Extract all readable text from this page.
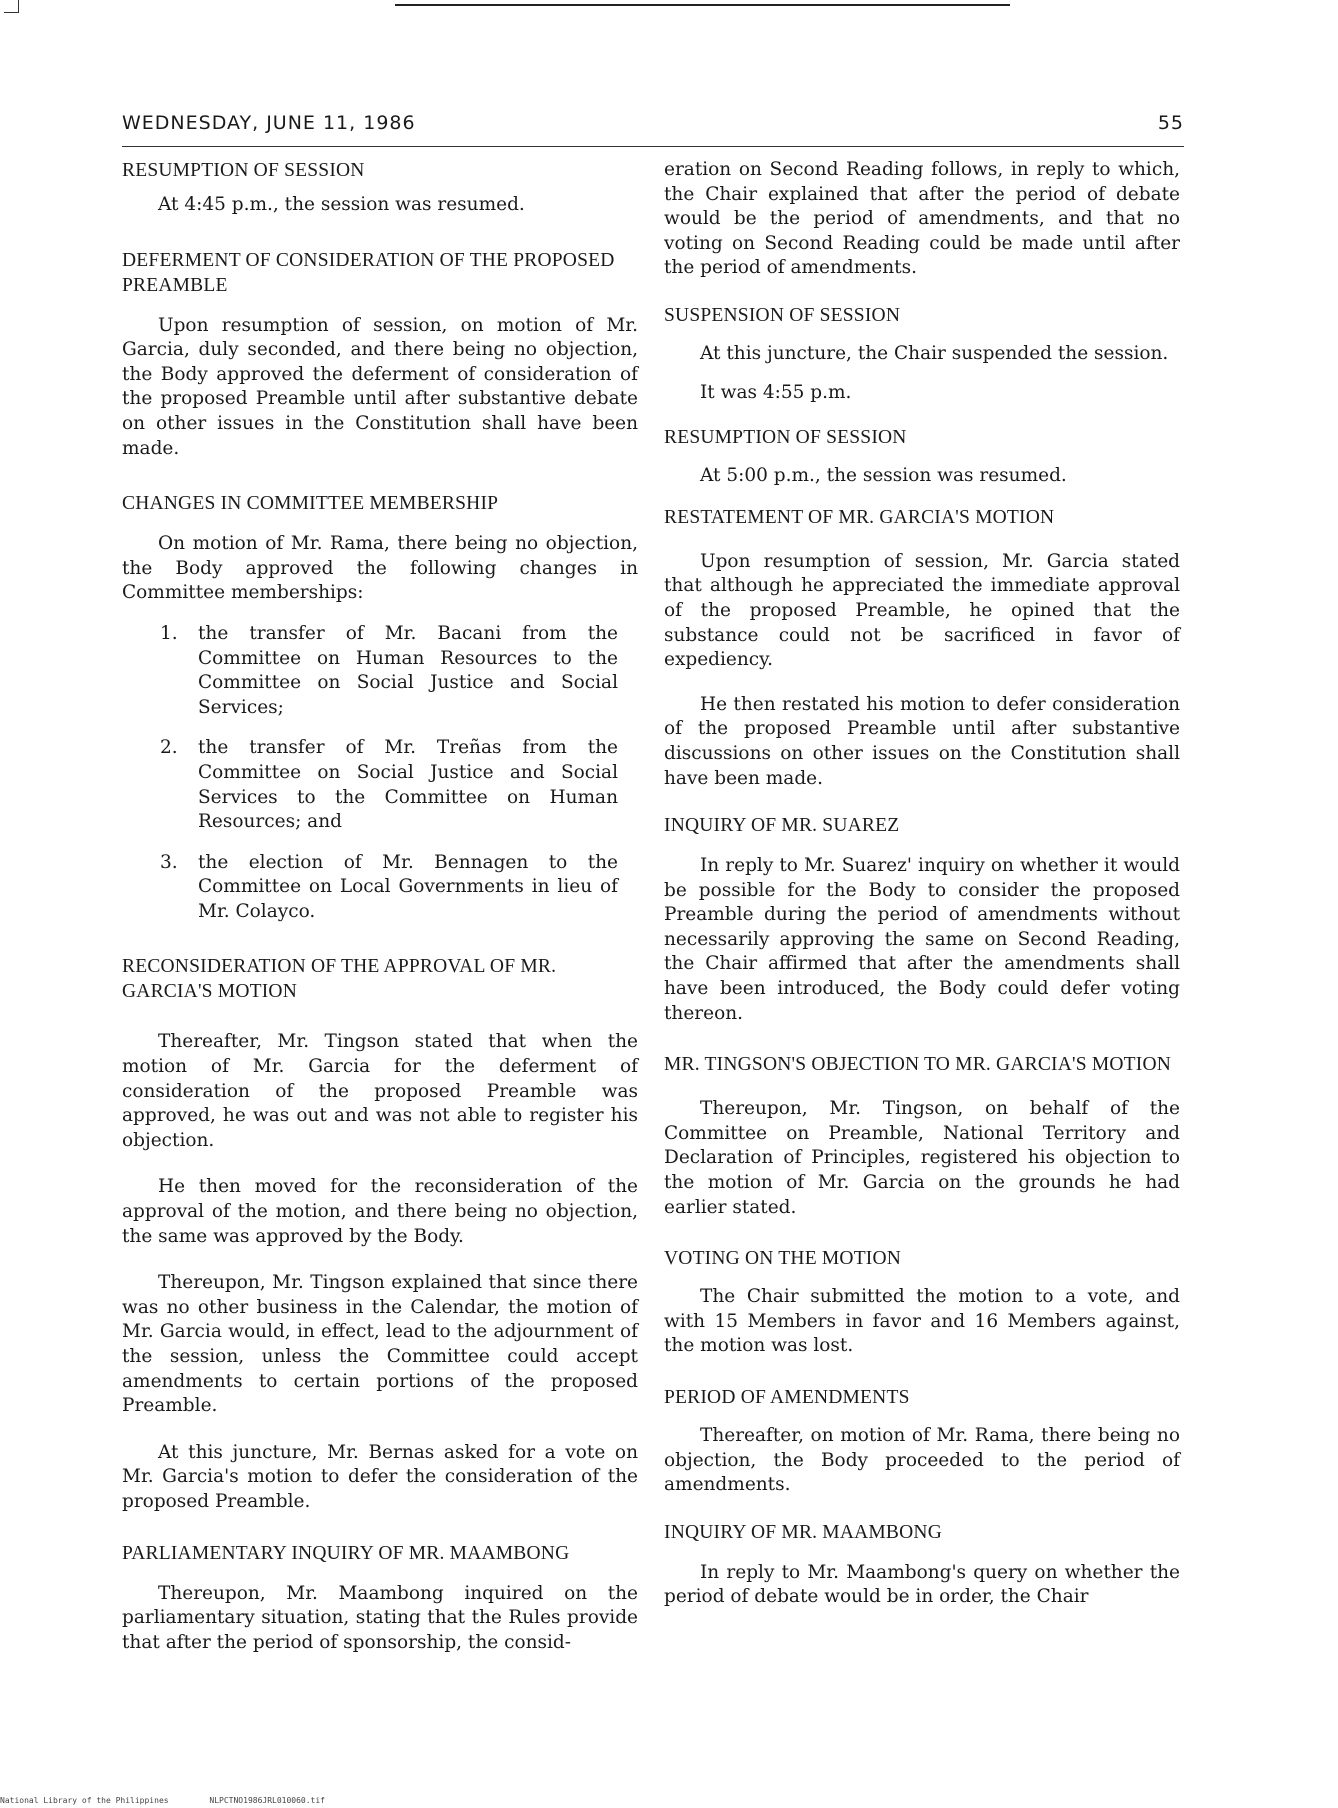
WEDNESDAY, JUNE 11, 1986	55
RESUMPTION OF SESSION

At 4:45 p.m., the session was resumed.

DEFERMENT OF CONSIDERATION OF THE PROPOSED PREAMBLE

Upon resumption of session, on motion of Mr. Garcia, duly seconded, and there being no objection, the Body approved the deferment of consideration of the proposed Preamble until after substantive debate on other issues in the Constitution shall have been made.

CHANGES IN COMMITTEE MEMBERSHIP

On motion of Mr. Rama, there being no objection, the Body approved the following changes in Committee memberships:

1. the transfer of Mr. Bacani from the Committee on Human Resources to the Committee on Social Justice and Social Services;
2. the transfer of Mr. Treñas from the Committee on Social Justice and Social Services to the Committee on Human Resources; and
3. the election of Mr. Bennagen to the Committee on Local Governments in lieu of Mr. Colayco.
RECONSIDERATION OF THE APPROVAL OF MR. GARCIA'S MOTION

Thereafter, Mr. Tingson stated that when the motion of Mr. Garcia for the deferment of consideration of the proposed Preamble was approved, he was out and was not able to register his objection.

He then moved for the reconsideration of the approval of the motion, and there being no objection, the same was approved by the Body.

Thereupon, Mr. Tingson explained that since there was no other business in the Calendar, the motion of Mr. Garcia would, in effect, lead to the adjournment of the session, unless the Committee could accept amendments to certain portions of the proposed Preamble.

At this juncture, Mr. Bernas asked for a vote on Mr. Garcia's motion to defer the consideration of the proposed Preamble.

PARLIAMENTARY INQUIRY OF MR. MAAMBONG

Thereupon, Mr. Maambong inquired on the parliamentary situation, stating that the Rules provide that after the period of sponsorship, the consid-

eration on Second Reading follows, in reply to which, the Chair explained that after the period of debate would be the period of amendments, and that no voting on Second Reading could be made until after the period of amendments.

SUSPENSION OF SESSION

At this juncture, the Chair suspended the session.

It was 4:55 p.m.

RESUMPTION OF SESSION

At 5:00 p.m., the session was resumed.

RESTATEMENT OF MR. GARCIA'S MOTION

Upon resumption of session, Mr. Garcia stated that although he appreciated the immediate approval of the proposed Preamble, he opined that the substance could not be sacrificed in favor of expediency.

He then restated his motion to defer consideration of the proposed Preamble until after substantive discussions on other issues on the Constitution shall have been made.

INQUIRY OF MR. SUAREZ

In reply to Mr. Suarez' inquiry on whether it would be possible for the Body to consider the proposed Preamble during the period of amendments without necessarily approving the same on Second Reading, the Chair affirmed that after the amendments shall have been introduced, the Body could defer voting thereon.

MR. TINGSON'S OBJECTION TO MR. GARCIA'S MOTION

Thereupon, Mr. Tingson, on behalf of the Committee on Preamble, National Territory and Declaration of Principles, registered his objection to the motion of Mr. Garcia on the grounds he had earlier stated.

VOTING ON THE MOTION

The Chair submitted the motion to a vote, and with 15 Members in favor and 16 Members against, the motion was lost.

PERIOD OF AMENDMENTS

Thereafter, on motion of Mr. Rama, there being no objection, the Body proceeded to the period of amendments.

INQUIRY OF MR. MAAMBONG

In reply to Mr. Maambong's query on whether the period of debate would be in order, the Chair

National Library of the Philippines	NLPCTNO1986JRL010060.tif
